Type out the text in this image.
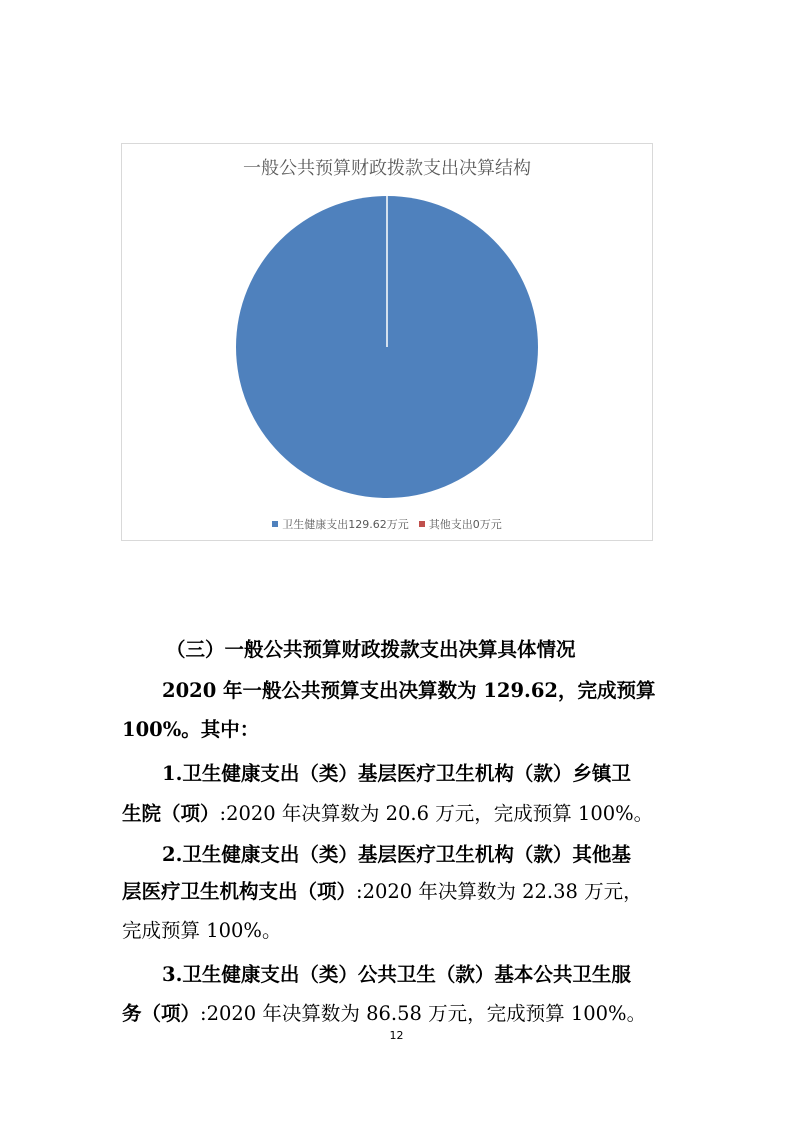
一般公共预算财政拨款支出决算结构
卫生健康支出129.62万元 其他支出0万元
（三）一般公共预算财政拨款支出决算具体情况
2020 年一般公共预算支出决算数为 129.62，完成预算
100%。其中：
1.卫生健康支出（类）基层医疗卫生机构（款）乡镇卫
生院（项）:2020 年决算数为 20.6 万元，完成预算 100%。
2.卫生健康支出（类）基层医疗卫生机构（款）其他基
层医疗卫生机构支出（项）:2020 年决算数为 22.38 万元，
完成预算 100%。
3.卫生健康支出（类）公共卫生（款）基本公共卫生服
务（项）:2020 年决算数为 86.58 万元，完成预算 100%。
12
